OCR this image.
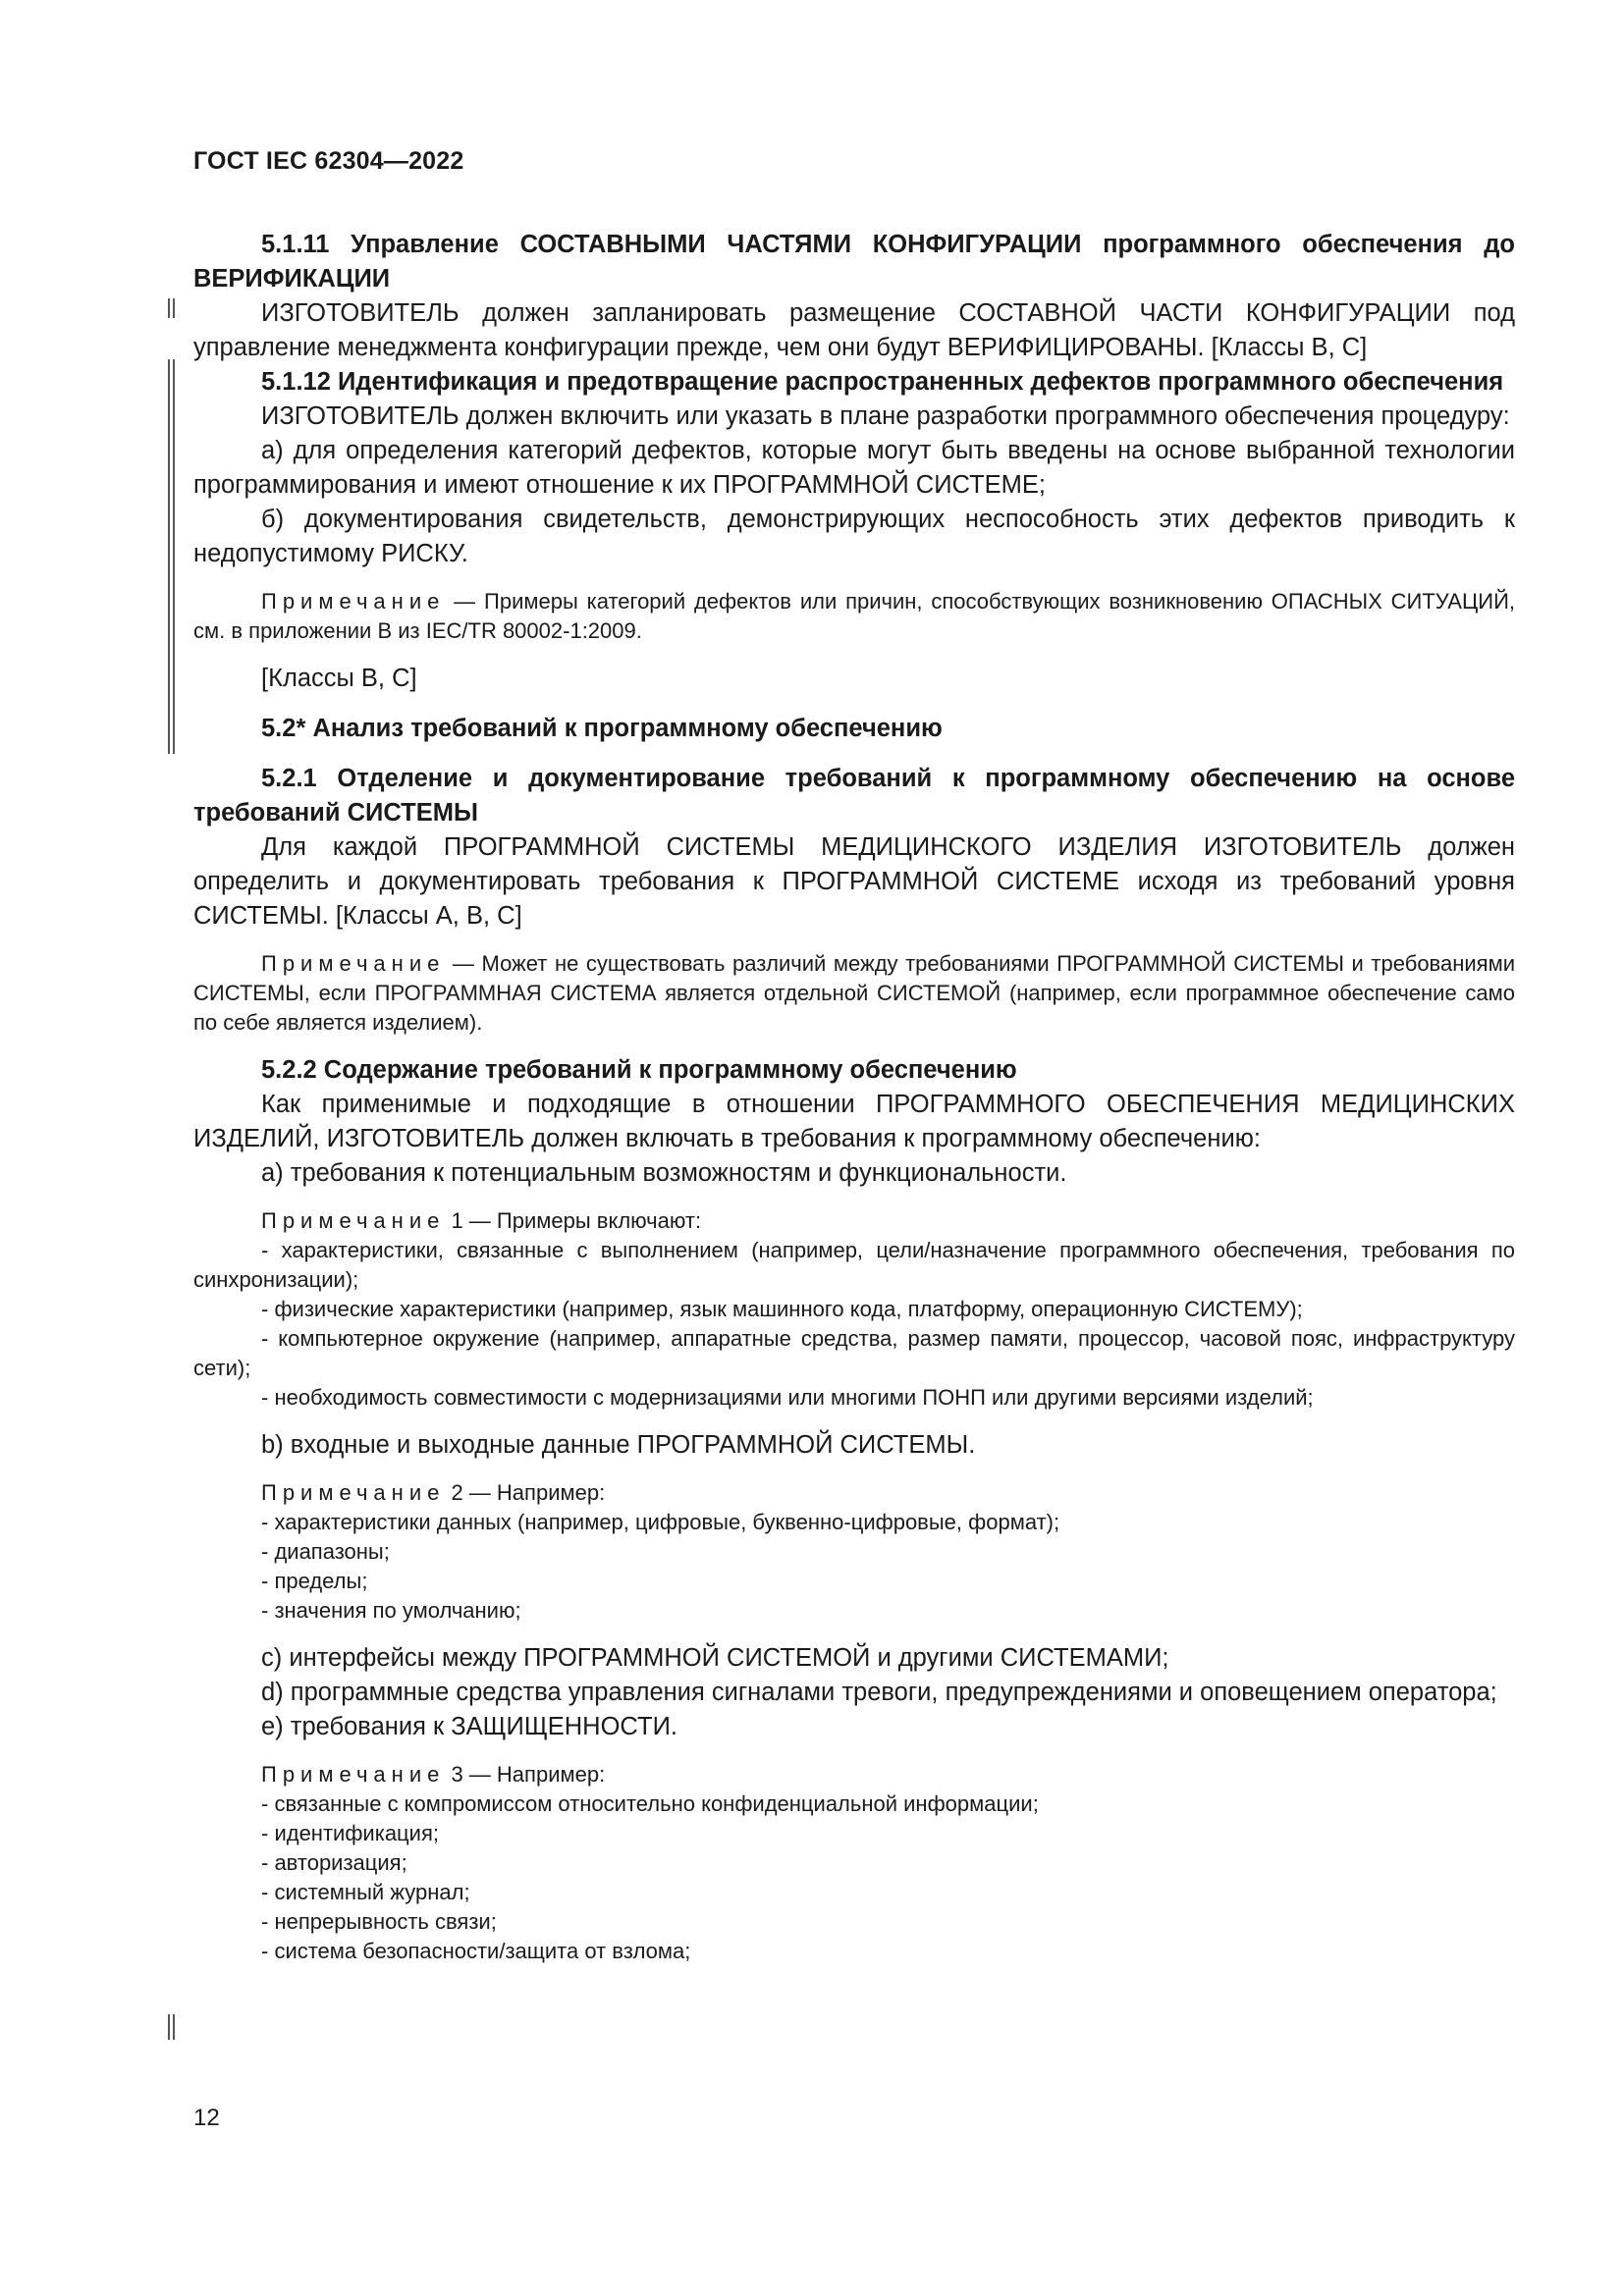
ГОСТ IEC 62304—2022

5.1.11 Управление СОСТАВНЫМИ ЧАСТЯМИ КОНФИГУРАЦИИ программного обеспечения до ВЕРИФИКАЦИИ

ИЗГОТОВИТЕЛЬ должен запланировать размещение СОСТАВНОЙ ЧАСТИ КОНФИГУРАЦИИ под управление менеджмента конфигурации прежде, чем они будут ВЕРИФИЦИРОВАНЫ. [Классы В, С]

5.1.12 Идентификация и предотвращение распространенных дефектов программного обеспечения

ИЗГОТОВИТЕЛЬ должен включить или указать в плане разработки программного обеспечения процедуру:

а) для определения категорий дефектов, которые могут быть введены на основе выбранной технологии программирования и имеют отношение к их ПРОГРАММНОЙ СИСТЕМЕ;

б) документирования свидетельств, демонстрирующих неспособность этих дефектов приводить к недопустимому РИСКУ.

Примечание — Примеры категорий дефектов или причин, способствующих возникновению ОПАСНЫХ СИТУАЦИЙ, см. в приложении В из IEC/TR 80002-1:2009.

[Классы В, С]

5.2* Анализ требований к программному обеспечению

5.2.1 Отделение и документирование требований к программному обеспечению на основе требований СИСТЕМЫ

Для каждой ПРОГРАММНОЙ СИСТЕМЫ МЕДИЦИНСКОГО ИЗДЕЛИЯ ИЗГОТОВИТЕЛЬ должен определить и документировать требования к ПРОГРАММНОЙ СИСТЕМЕ исходя из требований уровня СИСТЕМЫ. [Классы А, В, С]

Примечание — Может не существовать различий между требованиями ПРОГРАММНОЙ СИСТЕМЫ и требованиями СИСТЕМЫ, если ПРОГРАММНАЯ СИСТЕМА является отдельной СИСТЕМОЙ (например, если программное обеспечение само по себе является изделием).

5.2.2 Содержание требований к программному обеспечению

Как применимые и подходящие в отношении ПРОГРАММНОГО ОБЕСПЕЧЕНИЯ МЕДИЦИНСКИХ ИЗДЕЛИЙ, ИЗГОТОВИТЕЛЬ должен включать в требования к программному обеспечению:

a) требования к потенциальным возможностям и функциональности.

Примечание 1 — Примеры включают:

- характеристики, связанные с выполнением (например, цели/назначение программного обеспечения, требования по синхронизации);

- физические характеристики (например, язык машинного кода, платформу, операционную СИСТЕМУ);

- компьютерное окружение (например, аппаратные средства, размер памяти, процессор, часовой пояс, инфраструктуру сети);

- необходимость совместимости с модернизациями или многими ПОНП или другими версиями изделий;

b) входные и выходные данные ПРОГРАММНОЙ СИСТЕМЫ.

Примечание 2 — Например:

- характеристики данных (например, цифровые, буквенно-цифровые, формат);

- диапазоны;

- пределы;

- значения по умолчанию;

c) интерфейсы между ПРОГРАММНОЙ СИСТЕМОЙ и другими СИСТЕМАМИ;

d) программные средства управления сигналами тревоги, предупреждениями и оповещением оператора;

e) требования к ЗАЩИЩЕННОСТИ.

Примечание 3 — Например:

- связанные с компромиссом относительно конфиденциальной информации;

- идентификация;

- авторизация;

- системный журнал;

- непрерывность связи;

- система безопасности/защита от взлома;

12
